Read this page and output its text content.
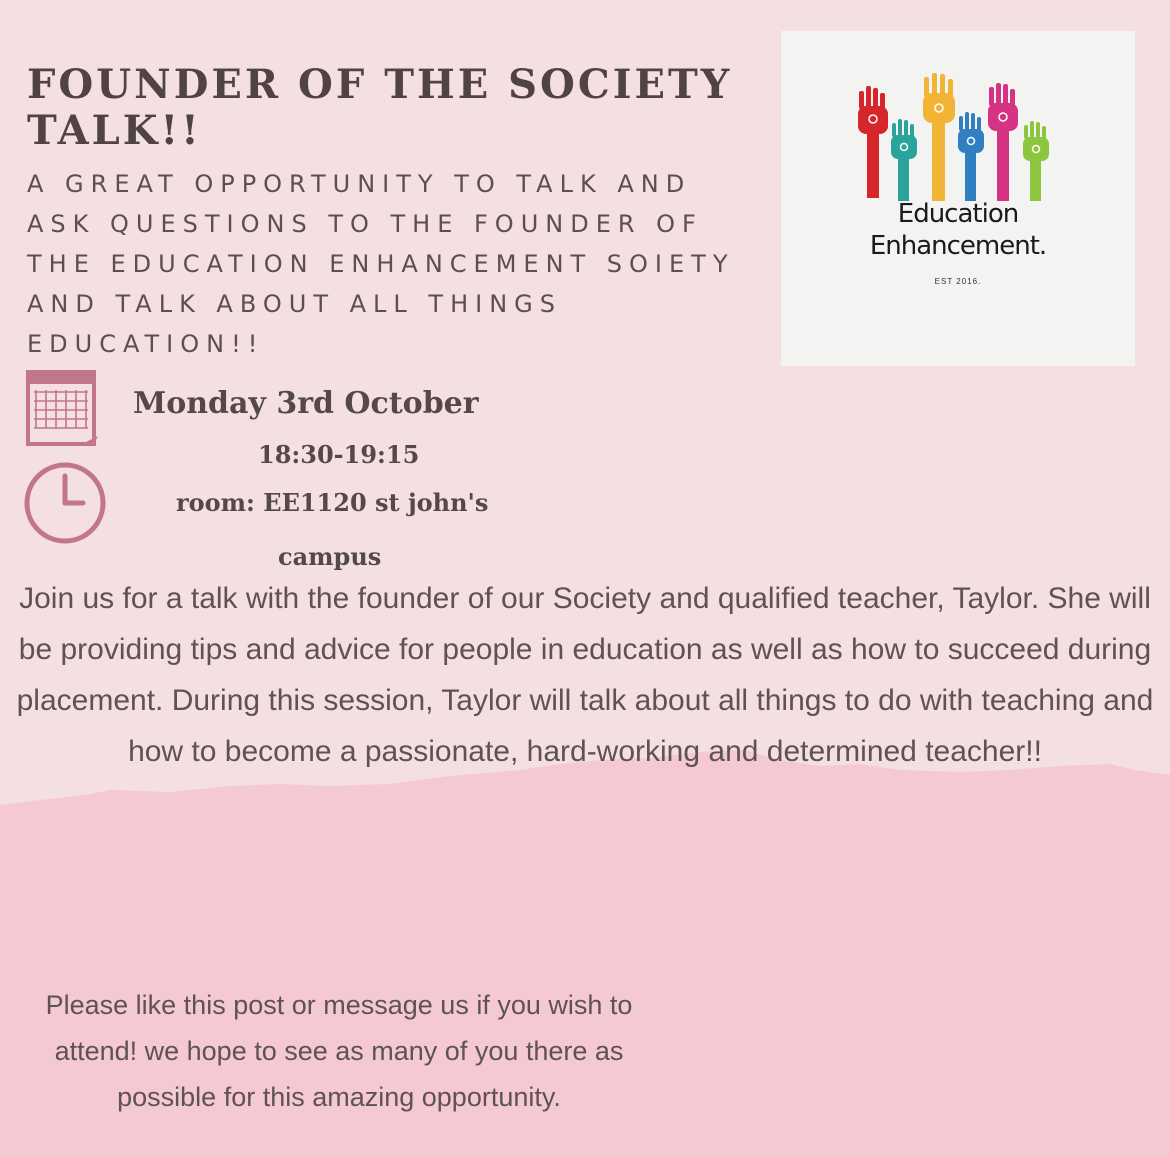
FOUNDER OF THE SOCIETY TALK!!

A GREAT OPPORTUNITY TO TALK AND ASK QUESTIONS TO THE FOUNDER OF THE EDUCATION ENHANCEMENT SOIETY AND TALK ABOUT ALL THINGS EDUCATION!!

Education
Enhancement.
EST 2016.

Monday 3rd October

18:30-19:15

room: EE1120 st john's

campus

Join us for a talk with the founder of our Society and qualified teacher, Taylor. She will be providing tips and advice for people in education as well as how to succeed during placement. During this session, Taylor will talk about all things to do with teaching and how to become a passionate, hard-working and determined teacher!!

Please like this post or message us if you wish to attend! we hope to see as many of you there as possible for this amazing opportunity.
